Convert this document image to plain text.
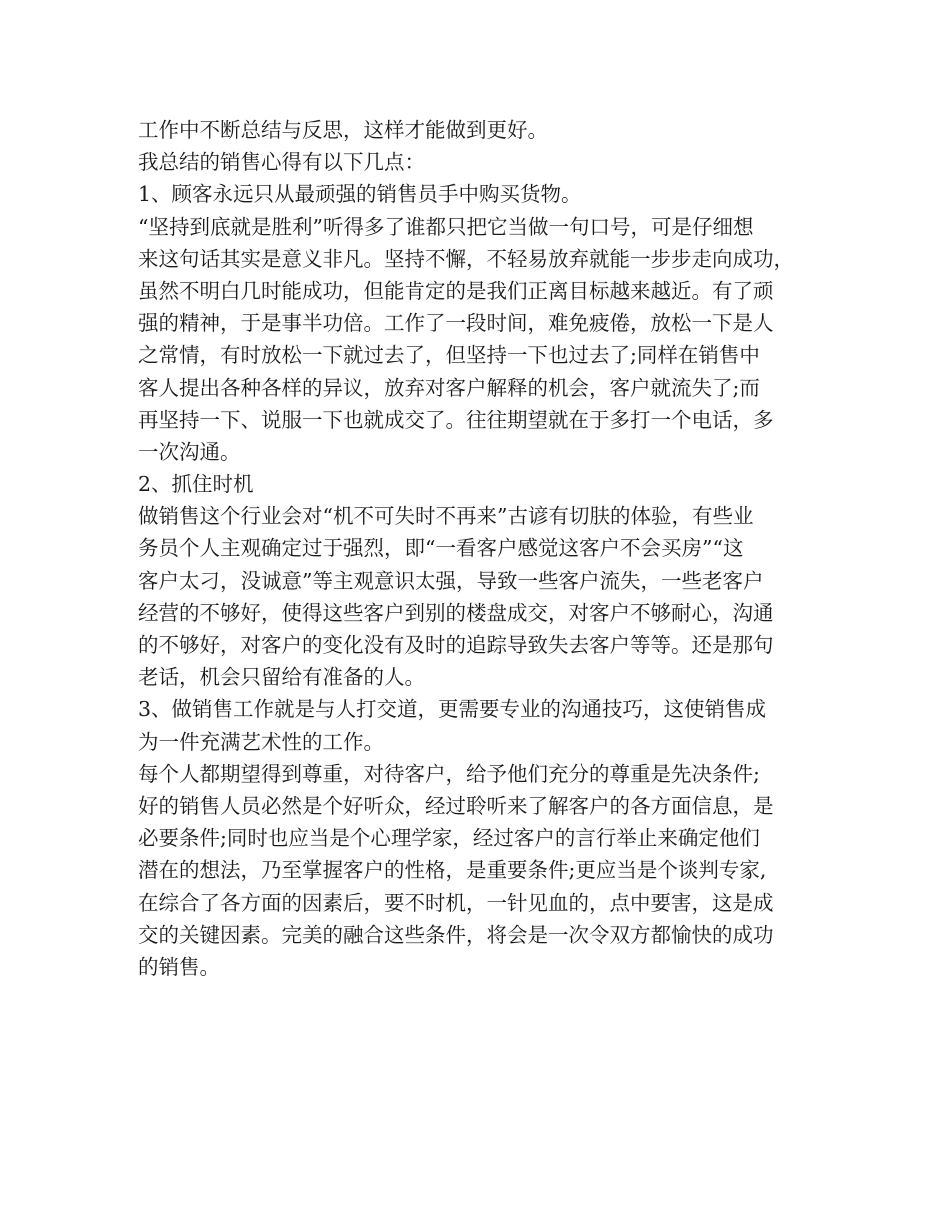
工作中不断总结与反思，这样才能做到更好。
我总结的销售心得有以下几点：
1、顾客永远只从最顽强的销售员手中购买货物。
“坚持到底就是胜利”听得多了谁都只把它当做一句口号，可是仔细想
来这句话其实是意义非凡。坚持不懈，不轻易放弃就能一步步走向成功，
虽然不明白几时能成功，但能肯定的是我们正离目标越来越近。有了顽
强的精神，于是事半功倍。工作了一段时间，难免疲倦，放松一下是人
之常情，有时放松一下就过去了，但坚持一下也过去了;同样在销售中
客人提出各种各样的异议，放弃对客户解释的机会，客户就流失了;而
再坚持一下、说服一下也就成交了。往往期望就在于多打一个电话，多
一次沟通。
2、抓住时机
做销售这个行业会对“机不可失时不再来”古谚有切肤的体验，有些业
务员个人主观确定过于强烈，即“一看客户感觉这客户不会买房”“这
客户太刁，没诚意”等主观意识太强，导致一些客户流失，一些老客户
经营的不够好，使得这些客户到别的楼盘成交，对客户不够耐心，沟通
的不够好，对客户的变化没有及时的追踪导致失去客户等等。还是那句
老话，机会只留给有准备的人。
3、做销售工作就是与人打交道，更需要专业的沟通技巧，这使销售成
为一件充满艺术性的工作。
每个人都期望得到尊重，对待客户，给予他们充分的尊重是先决条件;
好的销售人员必然是个好听众，经过聆听来了解客户的各方面信息，是
必要条件;同时也应当是个心理学家，经过客户的言行举止来确定他们
潜在的想法，乃至掌握客户的性格，是重要条件;更应当是个谈判专家,
在综合了各方面的因素后，要不时机，一针见血的，点中要害，这是成
交的关键因素。完美的融合这些条件，将会是一次令双方都愉快的成功
的销售。
